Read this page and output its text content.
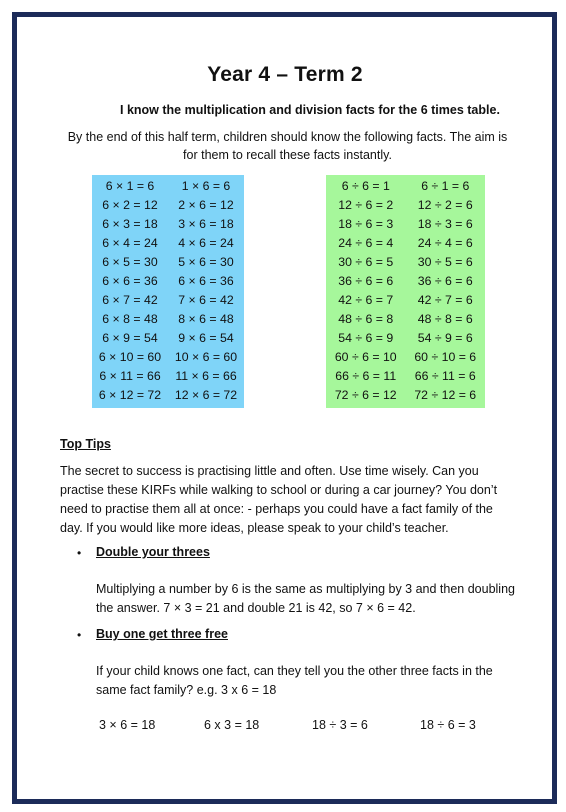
Year 4 – Term 2
I know the multiplication and division facts for the 6 times table.
By the end of this half term, children should know the following facts. The aim is for them to recall these facts instantly.
6 × 1 = 6	1 × 6 = 6
6 × 2 = 12	2 × 6 = 12
6 × 3 = 18	3 × 6 = 18
6 × 4 = 24	4 × 6 = 24
6 × 5 = 30	5 × 6 = 30
6 × 6 = 36	6 × 6 = 36
6 × 7 = 42	7 × 6 = 42
6 × 8 = 48	8 × 6 = 48
6 × 9 = 54	9 × 6 = 54
6 × 10 = 60	10 × 6 = 60
6 × 11 = 66	11 × 6 = 66
6 × 12 = 72	12 × 6 = 72
6 ÷ 6 = 1	6 ÷ 1 = 6
12 ÷ 6 = 2	12 ÷ 2 = 6
18 ÷ 6 = 3	18 ÷ 3 = 6
24 ÷ 6 = 4	24 ÷ 4 = 6
30 ÷ 6 = 5	30 ÷ 5 = 6
36 ÷ 6 = 6	36 ÷ 6 = 6
42 ÷ 6 = 7	42 ÷ 7 = 6
48 ÷ 6 = 8	48 ÷ 8 = 6
54 ÷ 6 = 9	54 ÷ 9 = 6
60 ÷ 6 = 10	60 ÷ 10 = 6
66 ÷ 6 = 11	66 ÷ 11 = 6
72 ÷ 6 = 12	72 ÷ 12 = 6
Top Tips
The secret to success is practising little and often. Use time wisely. Can you practise these KIRFs while walking to school or during a car journey? You don’t need to practise them all at once: - perhaps you could have a fact family of the day. If you would like more ideas, please speak to your child’s teacher.
• Double your threes
Multiplying a number by 6 is the same as multiplying by 3 and then doubling the answer. 7 × 3 = 21 and double 21 is 42, so 7 × 6 = 42.
• Buy one get three free
If your child knows one fact, can they tell you the other three facts in the same fact family? e.g. 3 x 6 = 18
3 × 6 = 18	6 x 3 = 18	18 ÷ 3 = 6	18 ÷ 6 = 3
